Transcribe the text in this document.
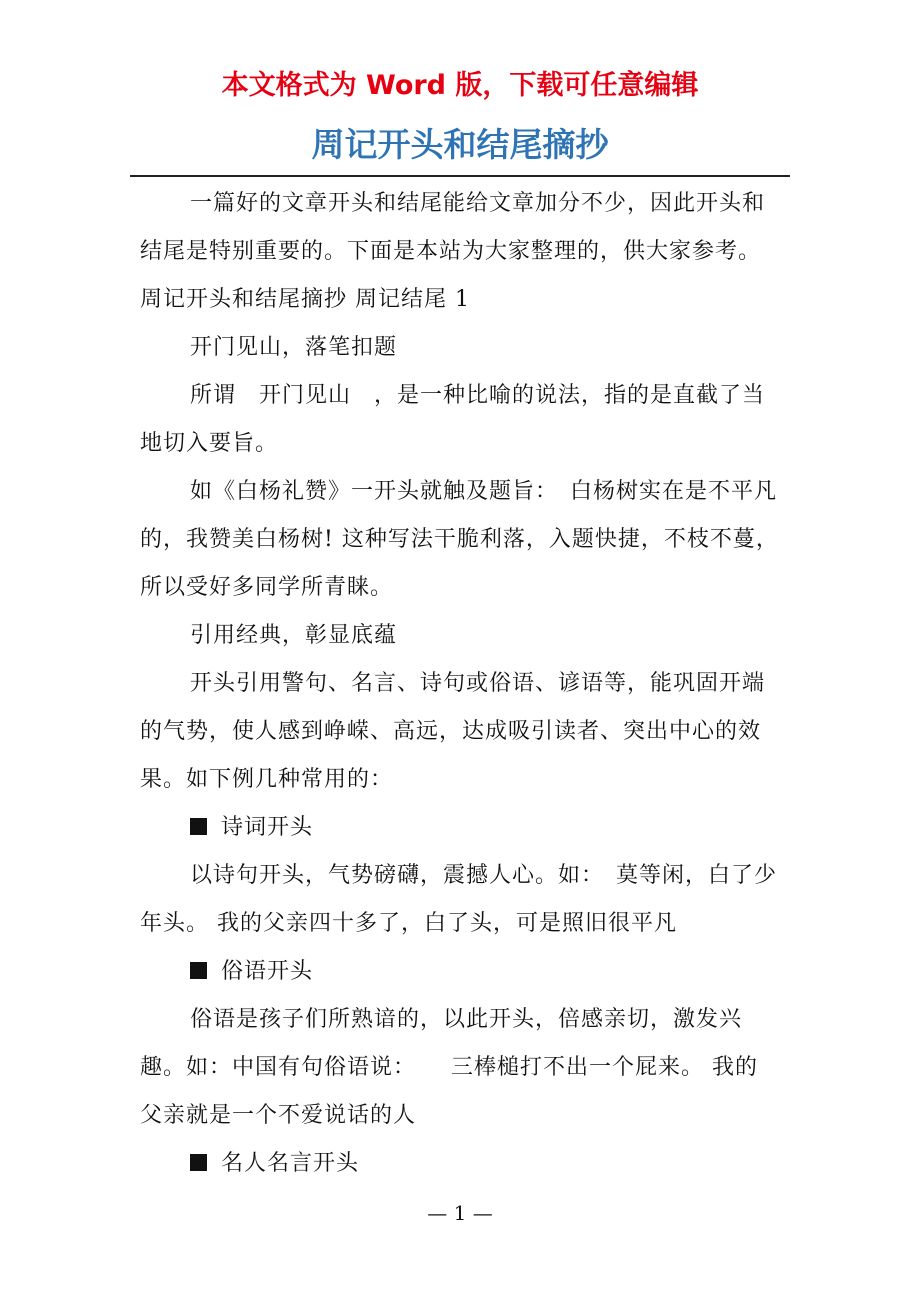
本文格式为 Word 版，下载可任意编辑
周记开头和结尾摘抄

一篇好的文章开头和结尾能给文章加分不少，因此开头和结尾是特别重要的。下面是本站为大家整理的，供大家参考。　　周记开头和结尾摘抄 周记结尾 1

开门见山，落笔扣题

所谓　开门见山　，是一种比喻的说法，指的是直截了当地切入要旨。

如《白杨礼赞》一开头就触及题旨：　白杨树实在是不平凡的，我赞美白杨树! 这种写法干脆利落，入题快捷，不枝不蔓，所以受好多同学所青睐。

引用经典，彰显底蕴

开头引用警句、名言、诗句或俗语、谚语等，能巩固开端的气势，使人感到峥嵘、高远，达成吸引读者、突出中心的效果。如下例几种常用的：

诗词开头

以诗句开头，气势磅礴，震撼人心。如：　莫等闲，白了少年头。 我的父亲四十多了，白了头，可是照旧很平凡

俗语开头

俗语是孩子们所熟谙的，以此开头，倍感亲切，激发兴趣。如：中国有句俗语说：　　三棒槌打不出一个屁来。 我的父亲就是一个不爱说话的人

名人名言开头

— 1 —
